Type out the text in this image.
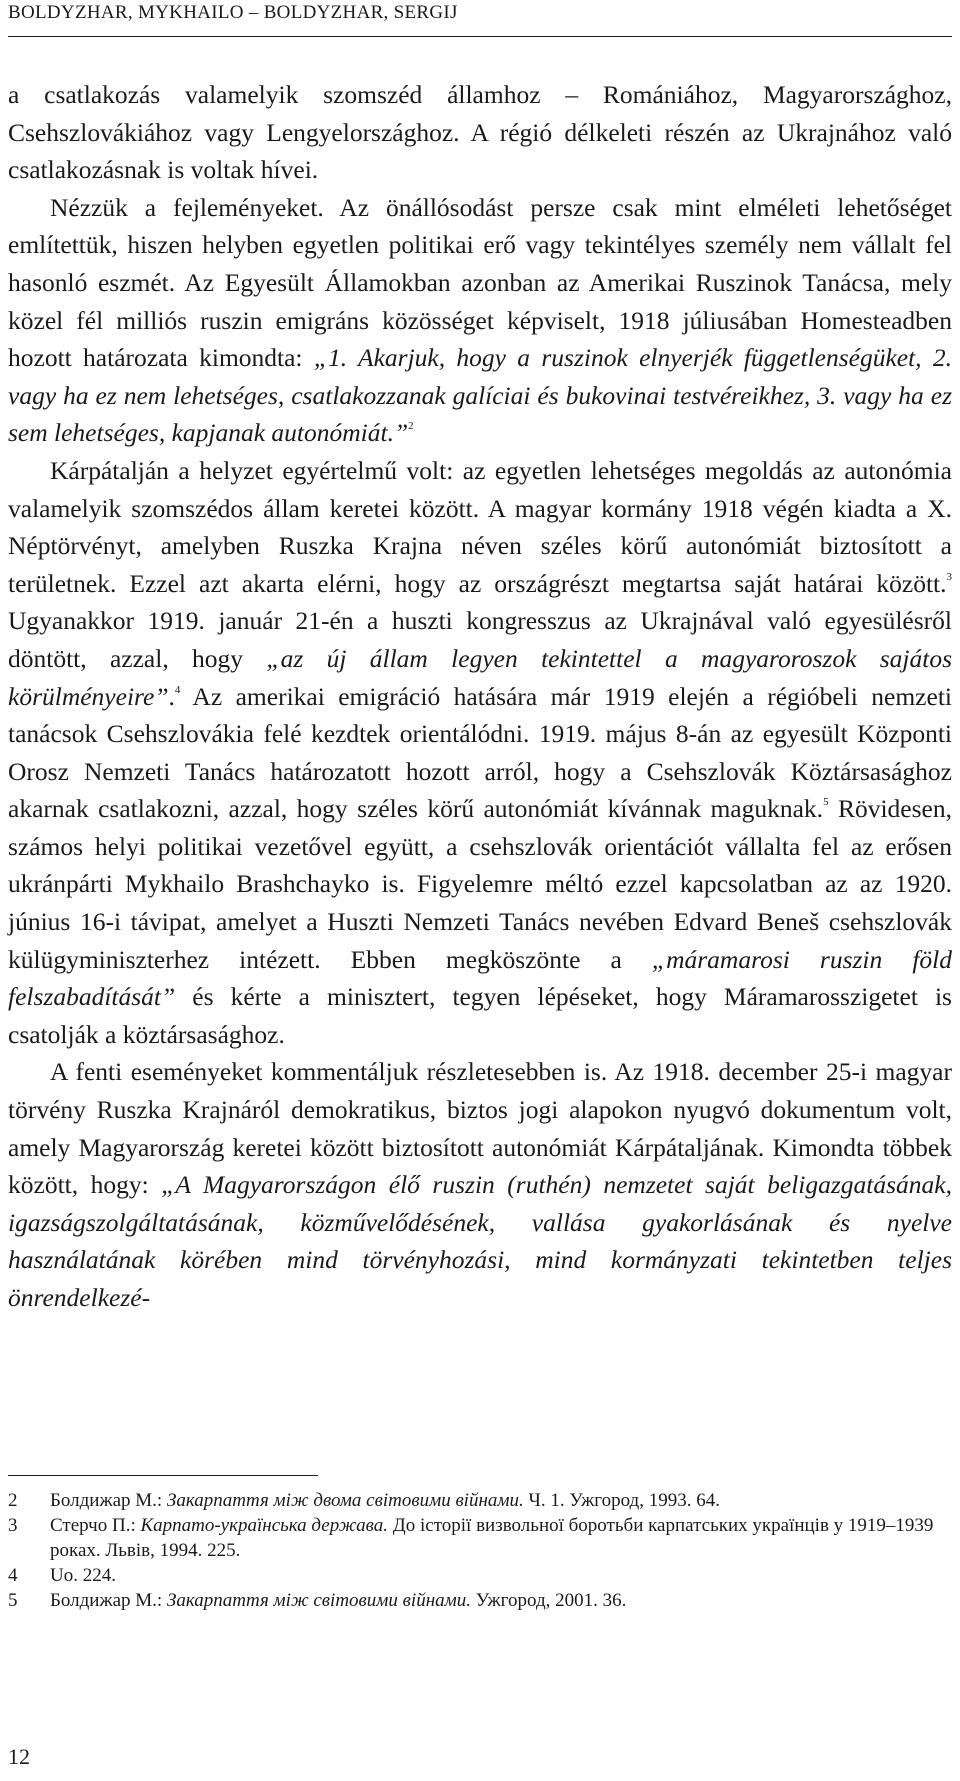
BOLDYZHAR, MYKHAILO – BOLDYZHAR, SERGIJ

a csatlakozás valamelyik szomszéd államhoz – Romániához, Magyarországhoz, Csehszlovákiához vagy Lengyelországhoz. A régió délkeleti részén az Ukrajnához való csatlakozásnak is voltak hívei.

Nézzük a fejleményeket. Az önállósodást persze csak mint elméleti lehetőséget említettük, hiszen helyben egyetlen politikai erő vagy tekintélyes személy nem vállalt fel hasonló eszmét. Az Egyesült Államokban azonban az Amerikai Ruszinok Tanácsa, mely közel fél milliós ruszin emigráns közösséget képviselt, 1918 júliusában Homesteadben hozott határozata kimondta: „1. Akarjuk, hogy a ruszinok elnyerjék függetlenségüket, 2. vagy ha ez nem lehetséges, csatlakozzanak galíciai és bukovinai testvéreikhez, 3. vagy ha ez sem lehetséges, kapjanak autonómiát.”$^2$

Kárpátalján a helyzet egyértelmű volt: az egyetlen lehetséges megoldás az autonómia valamelyik szomszédos állam keretei között. A magyar kormány 1918 végén kiadta a X. Néptörvényt, amelyben Ruszka Krajna néven széles körű autonómiát biztosított a területnek. Ezzel azt akarta elérni, hogy az országrészt megtartsa saját határai között.$^3$ Ugyanakkor 1919. január 21-én a huszti kongresszus az Ukrajnával való egyesülésről döntött, azzal, hogy „az új állam legyen tekintettel a magyaroroszok sajátos körülményeire”.$^4$ Az amerikai emigráció hatására már 1919 elején a régióbeli nemzeti tanácsok Csehszlovákia felé kezdtek orientálódni. 1919. május 8-án az egyesült Központi Orosz Nemzeti Tanács határozatott hozott arról, hogy a Csehszlovák Köztársasághoz akarnak csatlakozni, azzal, hogy széles körű autonómiát kívánnak maguknak.$^5$ Rövidesen, számos helyi politikai vezetővel együtt, a csehszlovák orientációt vállalta fel az erősen ukránpárti Mykhailo Brashchayko is. Figyelemre méltó ezzel kapcsolatban az az 1920. június 16-i táviрat, amelyet a Huszti Nemzeti Tanács nevében Edvard Beneš csehszlovák külügyminiszterhez intézett. Ebben megköszönte a „máramarosi ruszin föld felszabadítását” és kérte a minisztert, tegyen lépéseket, hogy Máramarosszigetet is csatolják a köztársasághoz.

A fenti eseményeket kommentáljuk részletesebben is. Az 1918. december 25-i magyar törvény Ruszka Krajnáról demokratikus, biztos jogi alapokon nyugvó dokumentum volt, amely Magyarország keretei között biztosított autonómiát Kárpátaljának. Kimondta többek között, hogy: „A Magyarországon élő ruszin (ruthén) nemzetet saját beligazgatásának, igazságszolgáltatásának, közművelődésének, vallása gyakorlásának és nyelve használatának körében mind törvényhozási, mind kormányzati tekintetben teljes önrendelkezé-

2	Болдижар М.: Закарпаття між двома світовими війнами. Ч. 1. Ужгород, 1993. 64.
3	Стерчо П.: Карпато-українська держава. До історії визвольної боротьби карпатських українців у 1919–1939 роках. Львів, 1994. 225.
4	Uo. 224.
5	Болдижар М.: Закарпаття між світовими війнами. Ужгород, 2001. 36.
12
